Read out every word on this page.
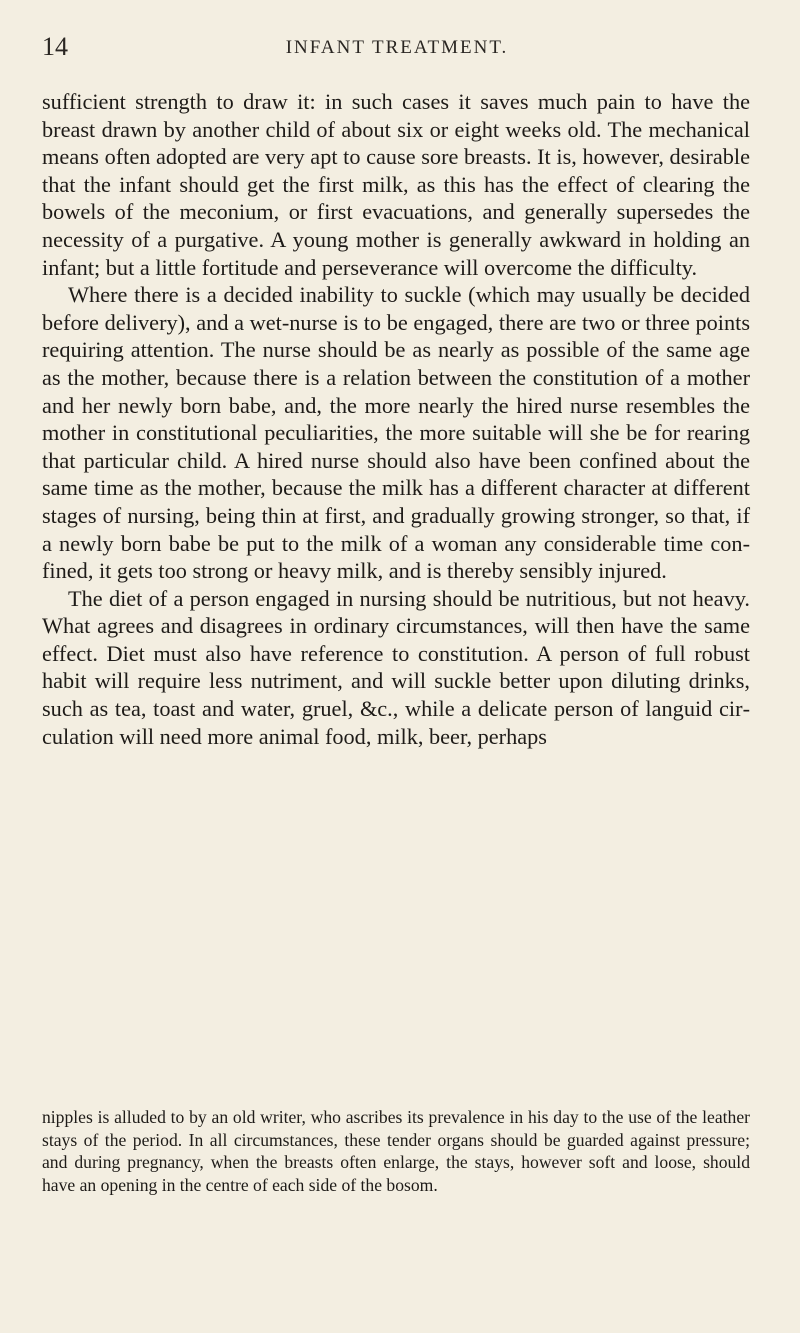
14	INFANT TREATMENT.

sufficient strength to draw it: in such cases it saves much pain to have the breast drawn by another child of about six or eight weeks old. The mechanical means often adopted are very apt to cause sore breasts. It is, however, desirable that the infant should get the first milk, as this has the effect of clearing the bowels of the meconium, or first evacuations, and generally supersedes the necessity of a purgative. A young mother is generally awkward in holding an infant; but a little fortitude and perseverance will overcome the difficulty.

Where there is a decided inability to suckle (which may usually be decided before delivery), and a wet-nurse is to be engaged, there are two or three points requiring attention. The nurse should be as nearly as possible of the same age as the mother, because there is a relation between the constitution of a mother and her newly born babe, and, the more nearly the hired nurse resembles the mother in constitutional peculiarities, the more suitable will she be for rearing that particular child. A hired nurse should also have been confined about the same time as the mother, because the milk has a different character at different stages of nursing, being thin at first, and gradually growing stronger, so that, if a newly born babe be put to the milk of a woman any considerable time confined, it gets too strong or heavy milk, and is thereby sensibly injured.

The diet of a person engaged in nursing should be nutritious, but not heavy. What agrees and disagrees in ordinary circumstances, will then have the same effect. Diet must also have reference to constitution. A person of full robust habit will require less nutriment, and will suckle better upon diluting drinks, such as tea, toast and water, gruel, &c., while a delicate person of languid circulation will need more animal food, milk, beer, perhaps

nipples is alluded to by an old writer, who ascribes its prevalence in his day to the use of the leather stays of the period. In all circumstances, these tender organs should be guarded against pressure; and during pregnancy, when the breasts often enlarge, the stays, however soft and loose, should have an opening in the centre of each side of the bosom.
